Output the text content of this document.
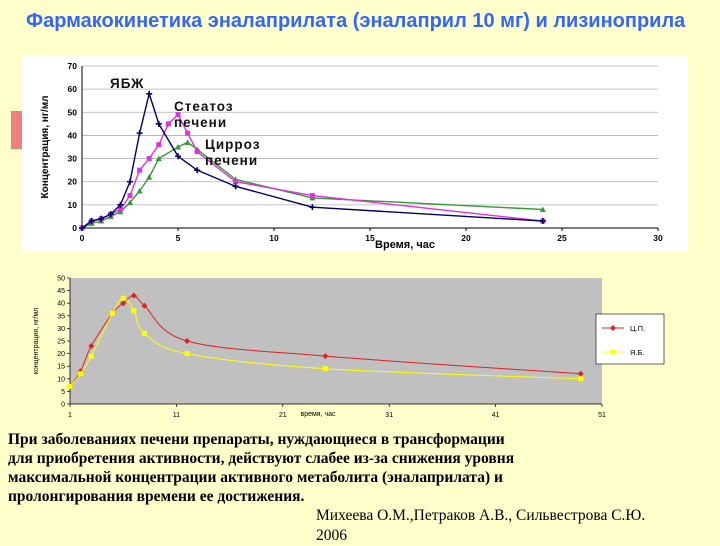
Фармакокинетика эналаприлата (эналаприл 10 мг) и лизиноприла
0
10
20
30
40
50
60
70
0	5	10	15	20	25	30
Время, час
Концентрация, нг/мл
ЯБЖ
Стеатоз
печени
Цирроз
печени
0
5
10
15
20
25
30
35
40
45
50
1	11	21	31	41	51
время, час
концентрация, нг/мл	Ц.П.
Я.Б.
При заболеваниях печени препараты, нуждающиеся в трансформации
для приобретения активности, действуют слабее из-за снижения уровня
максимальной концентрации активного метаболита (эналаприлата) и
пролонгирования времени ее достижения.
Михеева О.М.,Петраков А.В., Сильвестрова С.Ю.
2006
